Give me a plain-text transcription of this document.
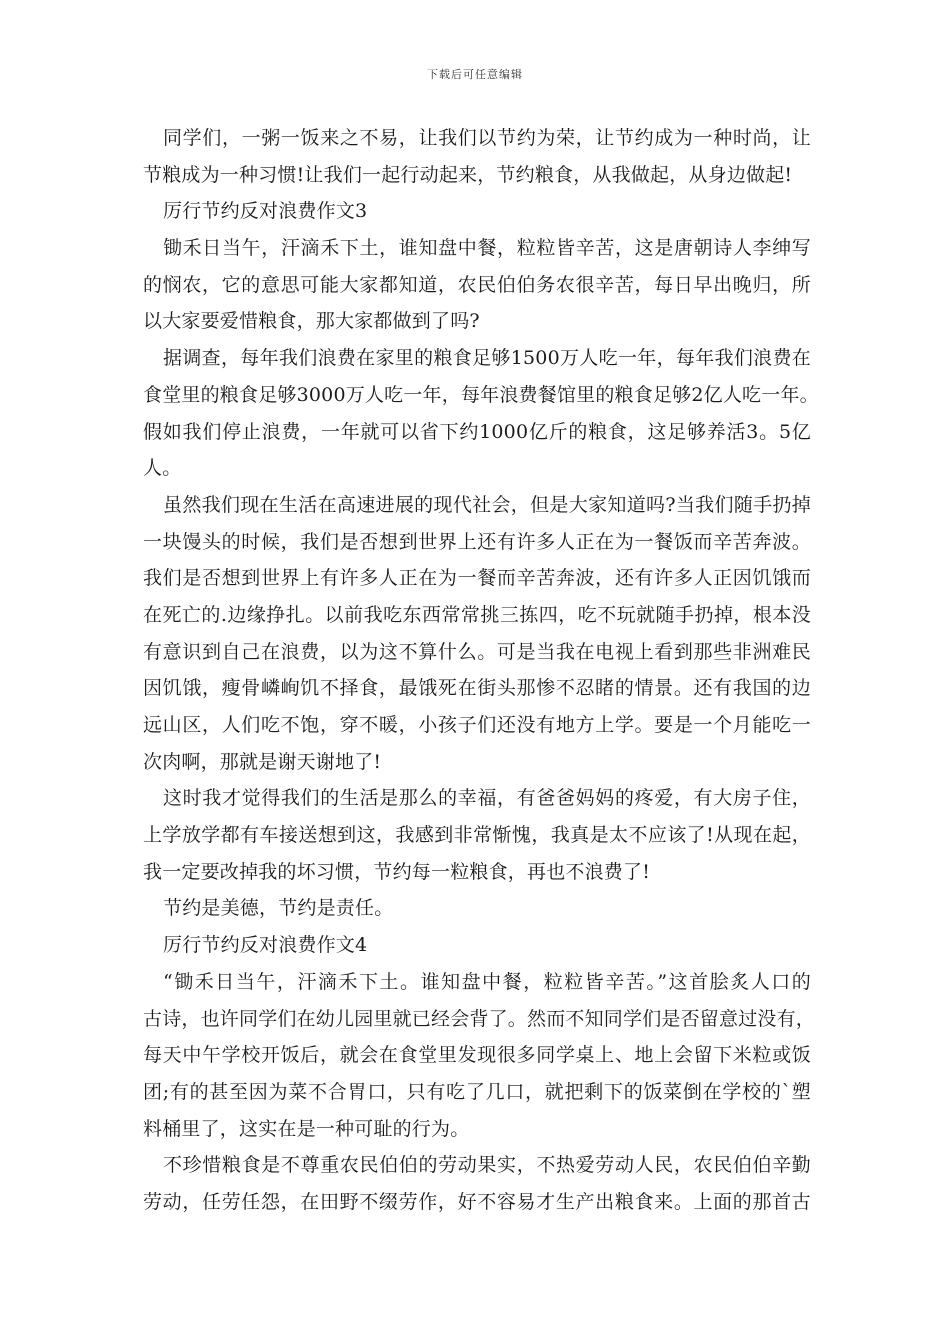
下载后可任意编辑
同学们，一粥一饭来之不易，让我们以节约为荣，让节约成为一种时尚，让
节粮成为一种习惯!让我们一起行动起来，节约粮食，从我做起，从身边做起!
厉行节约反对浪费作文3
锄禾日当午，汗滴禾下土，谁知盘中餐，粒粒皆辛苦，这是唐朝诗人李绅写
的悯农，它的意思可能大家都知道，农民伯伯务农很辛苦，每日早出晚归，所
以大家要爱惜粮食，那大家都做到了吗?
据调查，每年我们浪费在家里的粮食足够1500万人吃一年，每年我们浪费在
食堂里的粮食足够3000万人吃一年，每年浪费餐馆里的粮食足够2亿人吃一年。
假如我们停止浪费，一年就可以省下约1000亿斤的粮食，这足够养活3。5亿
人。
虽然我们现在生活在高速进展的现代社会，但是大家知道吗?当我们随手扔掉
一块馒头的时候，我们是否想到世界上还有许多人正在为一餐饭而辛苦奔波。
我们是否想到世界上有许多人正在为一餐而辛苦奔波，还有许多人正因饥饿而
在死亡的.边缘挣扎。以前我吃东西常常挑三拣四，吃不玩就随手扔掉，根本没
有意识到自己在浪费，以为这不算什么。可是当我在电视上看到那些非洲难民
因饥饿，瘦骨嶙峋饥不择食，最饿死在街头那惨不忍睹的情景。还有我国的边
远山区，人们吃不饱，穿不暖，小孩子们还没有地方上学。要是一个月能吃一
次肉啊，那就是谢天谢地了!
这时我才觉得我们的生活是那么的幸福，有爸爸妈妈的疼爱，有大房子住，
上学放学都有车接送想到这，我感到非常惭愧，我真是太不应该了!从现在起，
我一定要改掉我的坏习惯，节约每一粒粮食，再也不浪费了!
节约是美德，节约是责任。
厉行节约反对浪费作文4
“锄禾日当午，汗滴禾下土。谁知盘中餐，粒粒皆辛苦。”这首脍炙人口的
古诗，也许同学们在幼儿园里就已经会背了。然而不知同学们是否留意过没有，
每天中午学校开饭后，就会在食堂里发现很多同学桌上、地上会留下米粒或饭
团;有的甚至因为菜不合胃口，只有吃了几口，就把剩下的饭菜倒在学校的`塑
料桶里了，这实在是一种可耻的行为。
不珍惜粮食是不尊重农民伯伯的劳动果实，不热爱劳动人民，农民伯伯辛勤
劳动，任劳任怨，在田野不缀劳作，好不容易才生产出粮食来。上面的那首古
